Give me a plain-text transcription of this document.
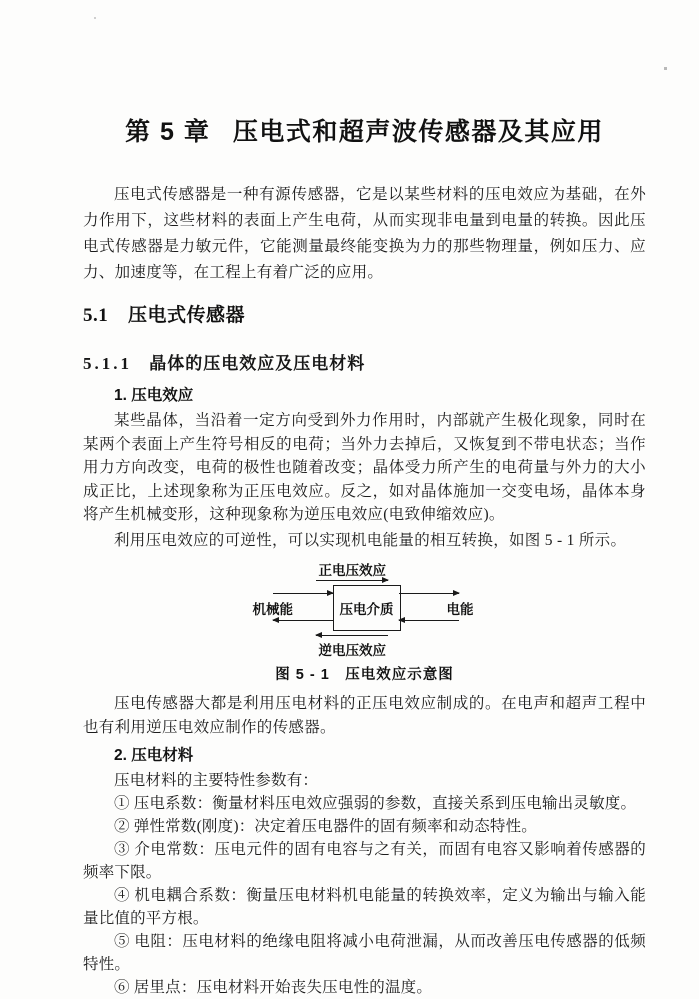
第 5 章 压电式和超声波传感器及其应用

压电式传感器是一种有源传感器，它是以某些材料的压电效应为基础，在外力作用下，这些材料的表面上产生电荷，从而实现非电量到电量的转换。因此压电式传感器是力敏元件，它能测量最终能变换为力的那些物理量，例如压力、应力、加速度等，在工程上有着广泛的应用。

5.1 压电式传感器
5.1.1 晶体的压电效应及压电材料
1. 压电效应

某些晶体，当沿着一定方向受到外力作用时，内部就产生极化现象，同时在某两个表面上产生符号相反的电荷；当外力去掉后，又恢复到不带电状态；当作用力方向改变，电荷的极性也随着改变；晶体受力所产生的电荷量与外力的大小成正比，上述现象称为正压电效应。反之，如对晶体施加一交变电场，晶体本身将产生机械变形，这种现象称为逆压电效应(电致伸缩效应)。

利用压电效应的可逆性，可以实现机电能量的相互转换，如图 5 - 1 所示。

正电压效应
机械能	压电介质	电能
逆电压效应
图 5 - 1　压电效应示意图

压电传感器大都是利用压电材料的正压电效应制成的。在电声和超声工程中也有利用逆压电效应制作的传感器。

2. 压电材料

压电材料的主要特性参数有：

① 压电系数：衡量材料压电效应强弱的参数，直接关系到压电输出灵敏度。

② 弹性常数(刚度)：决定着压电器件的固有频率和动态特性。

③ 介电常数：压电元件的固有电容与之有关，而固有电容又影响着传感器的频率下限。

④ 机电耦合系数：衡量压电材料机电能量的转换效率，定义为输出与输入能量比值的平方根。

⑤ 电阻：压电材料的绝缘电阻将减小电荷泄漏，从而改善压电传感器的低频特性。

⑥ 居里点：压电材料开始丧失压电性的温度。
